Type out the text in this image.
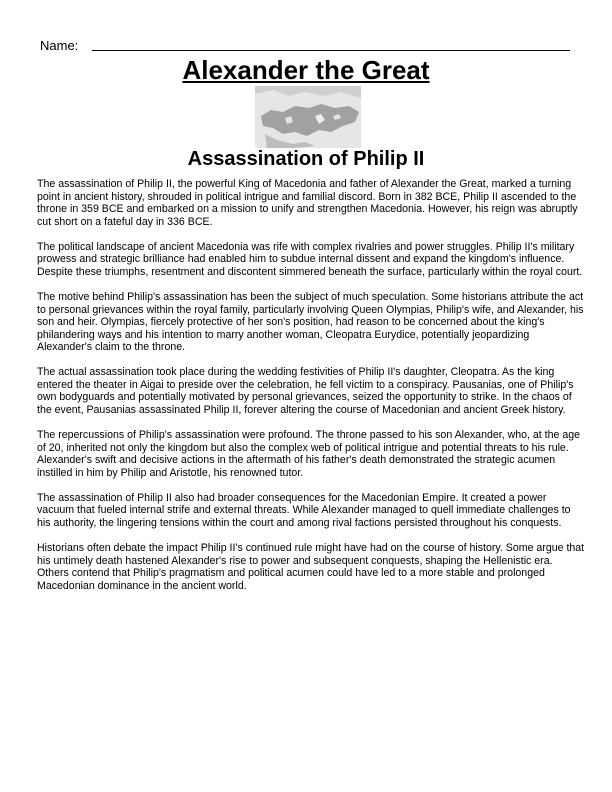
Name:
Alexander the Great
Assassination of Philip II

The assassination of Philip II, the powerful King of Macedonia and father of Alexander the Great, marked a turning point in ancient history, shrouded in political intrigue and familial discord. Born in 382 BCE, Philip II ascended to the throne in 359 BCE and embarked on a mission to unify and strengthen Macedonia. However, his reign was abruptly cut short on a fateful day in 336 BCE.

The political landscape of ancient Macedonia was rife with complex rivalries and power struggles. Philip II's military prowess and strategic brilliance had enabled him to subdue internal dissent and expand the kingdom's influence. Despite these triumphs, resentment and discontent simmered beneath the surface, particularly within the royal court.

The motive behind Philip's assassination has been the subject of much speculation. Some historians attribute the act to personal grievances within the royal family, particularly involving Queen Olympias, Philip's wife, and Alexander, his son and heir. Olympias, fiercely protective of her son's position, had reason to be concerned about the king's philandering ways and his intention to marry another woman, Cleopatra Eurydice, potentially jeopardizing Alexander's claim to the throne.

The actual assassination took place during the wedding festivities of Philip II's daughter, Cleopatra. As the king entered the theater in Aigai to preside over the celebration, he fell victim to a conspiracy. Pausanias, one of Philip's own bodyguards and potentially motivated by personal grievances, seized the opportunity to strike. In the chaos of the event, Pausanias assassinated Philip II, forever altering the course of Macedonian and ancient Greek history.

The repercussions of Philip's assassination were profound. The throne passed to his son Alexander, who, at the age of 20, inherited not only the kingdom but also the complex web of political intrigue and potential threats to his rule. Alexander's swift and decisive actions in the aftermath of his father's death demonstrated the strategic acumen instilled in him by Philip and Aristotle, his renowned tutor.

The assassination of Philip II also had broader consequences for the Macedonian Empire. It created a power vacuum that fueled internal strife and external threats. While Alexander managed to quell immediate challenges to his authority, the lingering tensions within the court and among rival factions persisted throughout his conquests.

Historians often debate the impact Philip II's continued rule might have had on the course of history. Some argue that his untimely death hastened Alexander's rise to power and subsequent conquests, shaping the Hellenistic era. Others contend that Philip's pragmatism and political acumen could have led to a more stable and prolonged Macedonian dominance in the ancient world.
